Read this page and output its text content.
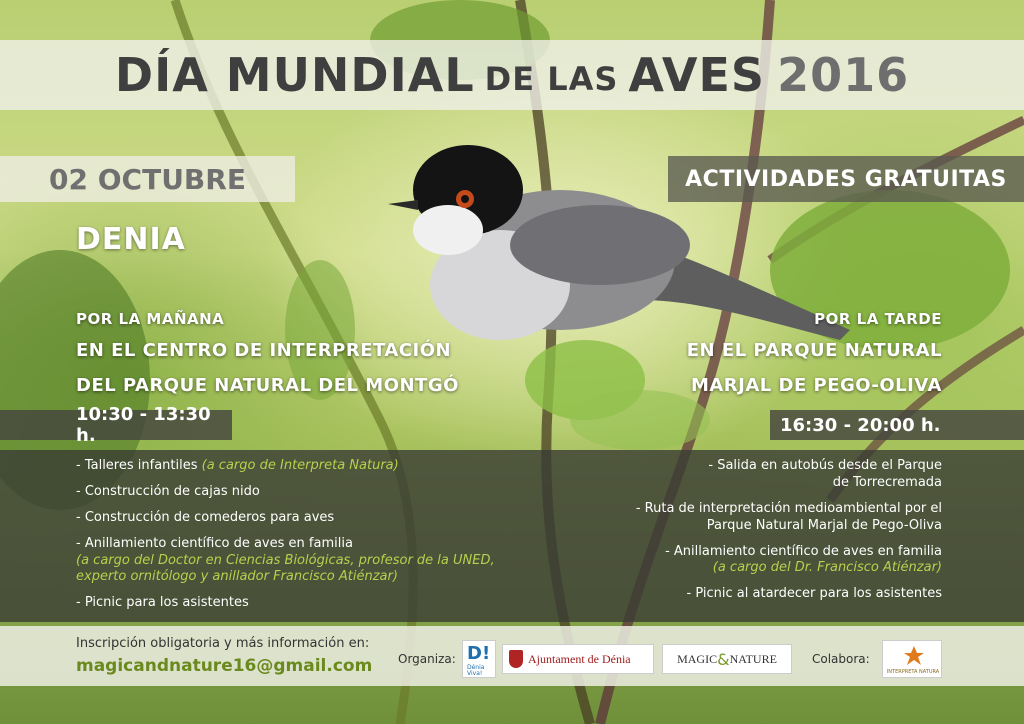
DÍA MUNDIAL DE LAS AVES 2016
02 OCTUBRE	ACTIVIDADES GRATUITAS
DENIA
POR LA MAÑANA
EN EL CENTRO DE INTERPRETACIÓN
DEL PARQUE NATURAL DEL MONTGÓ
POR LA TARDE
EN EL PARQUE NATURAL
MARJAL DE PEGO-OLIVA
10:30 - 13:30 h.	16:30 - 20:00 h.
- Talleres infantiles (a cargo de Interpreta Natura)
- Construcción de cajas nido
- Construcción de comederos para aves
- Anillamiento científico de aves en familia
(a cargo del Doctor en Ciencias Biológicas, profesor de la UNED, experto ornitólogo y anillador Francisco Atiénzar)
- Picnic para los asistentes
- Salida en autobús desde el Parque de Torrecremada
- Ruta de interpretación medioambiental por el Parque Natural Marjal de Pego-Oliva
- Anillamiento científico de aves en familia
(a cargo del Dr. Francisco Atiénzar)
- Picnic al atardecer para los asistentes
Inscripción obligatoria y más información en:
magicandnature16@gmail.com Organiza: D!
Dénia Viva!
Ajuntament de Dénia	MAGIC & NATURE	Colabora:
INTERPRETA NATURA
